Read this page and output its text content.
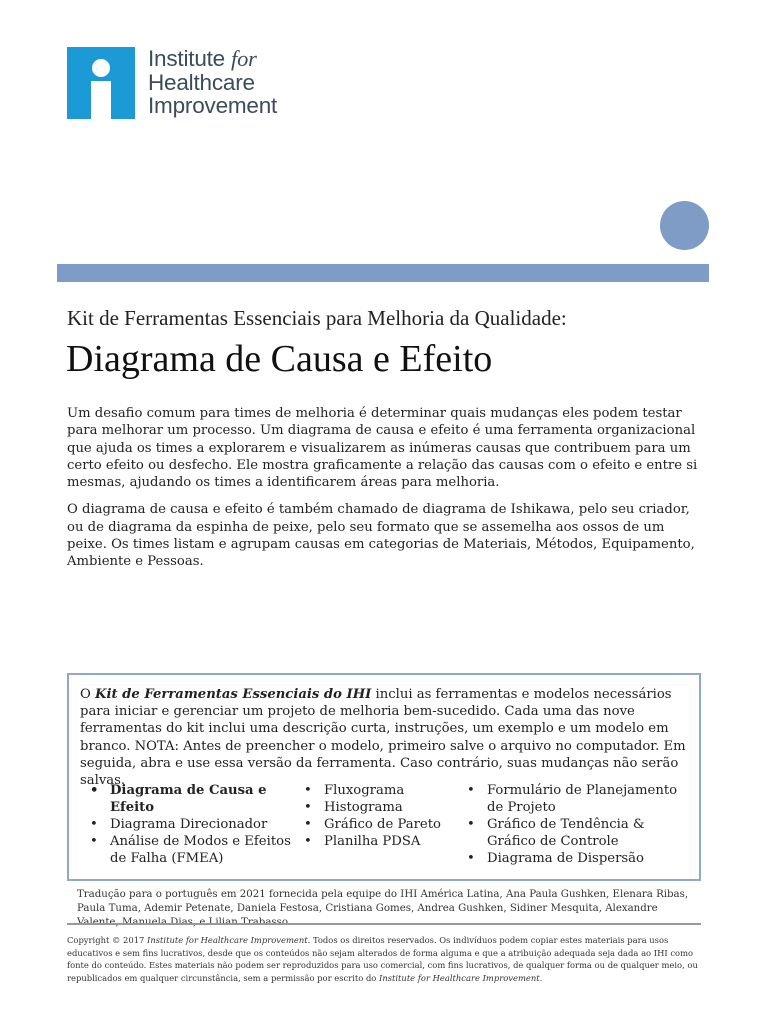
Institute for
Healthcare
Improvement
Kit de Ferramentas Essenciais para Melhoria da Qualidade:
Diagrama de Causa e Efeito

Um desafio comum para times de melhoria é determinar quais mudanças eles podem testar para melhorar um processo. Um diagrama de causa e efeito é uma ferramenta organizacional que ajuda os times a explorarem e visualizarem as inúmeras causas que contribuem para um certo efeito ou desfecho. Ele mostra graficamente a relação das causas com o efeito e entre si mesmas, ajudando os times a identificarem áreas para melhoria.

O diagrama de causa e efeito é também chamado de diagrama de Ishikawa, pelo seu criador, ou de diagrama da espinha de peixe, pelo seu formato que se assemelha aos ossos de um peixe. Os times listam e agrupam causas em categorias de Materiais, Métodos, Equipamento, Ambiente e Pessoas.

O Kit de Ferramentas Essenciais do IHI inclui as ferramentas e modelos necessários para iniciar e gerenciar um projeto de melhoria bem-sucedido. Cada uma das nove ferramentas do kit inclui uma descrição curta, instruções, um exemplo e um modelo em branco. NOTA: Antes de preencher o modelo, primeiro salve o arquivo no computador. Em seguida, abra e use essa versão da ferramenta. Caso contrário, suas mudanças não serão salvas.
• Diagrama de Causa e Efeito
• Diagrama Direcionador
• Análise de Modos e Efeitos de Falha (FMEA)
• Fluxograma
• Histograma
• Gráfico de Pareto
• Planilha PDSA
• Formulário de Planejamento de Projeto
• Gráfico de Tendência & Gráfico de Controle
• Diagrama de Dispersão
Tradução para o português em 2021 fornecida pela equipe do IHI América Latina, Ana Paula Gushken, Elenara Ribas, Paula Tuma, Ademir Petenate, Daniela Festosa, Cristiana Gomes, Andrea Gushken, Sidiner Mesquita, Alexandre
Copyright © 2017 Institute for Healthcare Improvement. Todos os direitos reservados. Os indivíduos podem copiar estes materiais para usos educativos e sem fins lucrativos, desde que os conteúdos não sejam alterados de forma alguma e que a atribuição adequada seja dada ao IHI como fonte do conteúdo. Estes materiais não podem ser reproduzidos para uso comercial, com fins lucrativos, de qualquer forma ou de qualquer meio, ou republicados em qualquer circunstância, sem a permissão por escrito do Institute for Healthcare Improvement.
